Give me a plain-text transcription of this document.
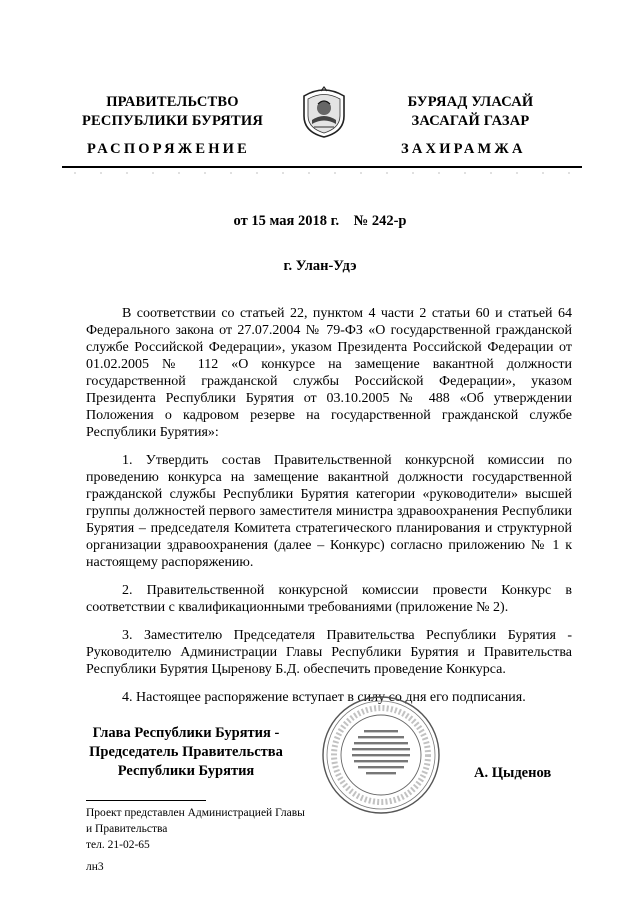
ПРАВИТЕЛЬСТВО
РЕСПУБЛИКИ БУРЯТИЯ
БУРЯАД УЛАСАЙ
ЗАСАГАЙ ГАЗАР
РАСПОРЯЖЕНИЕ	ЗАХИРАМЖА
от 15 мая 2018 г.    № 242-р
г. Улан-Удэ

В соответствии со статьей 22, пунктом 4 части 2 статьи 60 и статьей 64 Федерального закона от 27.07.2004 № 79-ФЗ «О государственной гражданской службе Российской Федерации», указом Президента Российской Федерации от 01.02.2005 № 112 «О конкурсе на замещение вакантной должности государственной гражданской службы Российской Федерации», указом Президента Республики Бурятия от 03.10.2005 № 488 «Об утверждении Положения о кадровом резерве на государственной гражданской службе Республики Бурятия»:

1. Утвердить состав Правительственной конкурсной комиссии по проведению конкурса на замещение вакантной должности государственной гражданской службы Республики Бурятия категории «руководители» высшей группы должностей первого заместителя министра здравоохранения Республики Бурятия – председателя Комитета стратегического планирования и структурной организации здравоохранения (далее – Конкурс) согласно приложению № 1 к настоящему распоряжению.

2. Правительственной конкурсной комиссии провести Конкурс в соответствии с квалификационными требованиями (приложение № 2).

3. Заместителю Председателя Правительства Республики Бурятия - Руководителю Администрации Главы Республики Бурятия и Правительства Республики Бурятия Цыренову Б.Д. обеспечить проведение Конкурса.

4. Настоящее распоряжение вступает в силу со дня его подписания.

Глава Республики Бурятия -
Председатель Правительства
Республики Бурятия	А. Цыденов
Проект представлен Администрацией Главы
и Правительства
тел. 21-02-65
лн3
